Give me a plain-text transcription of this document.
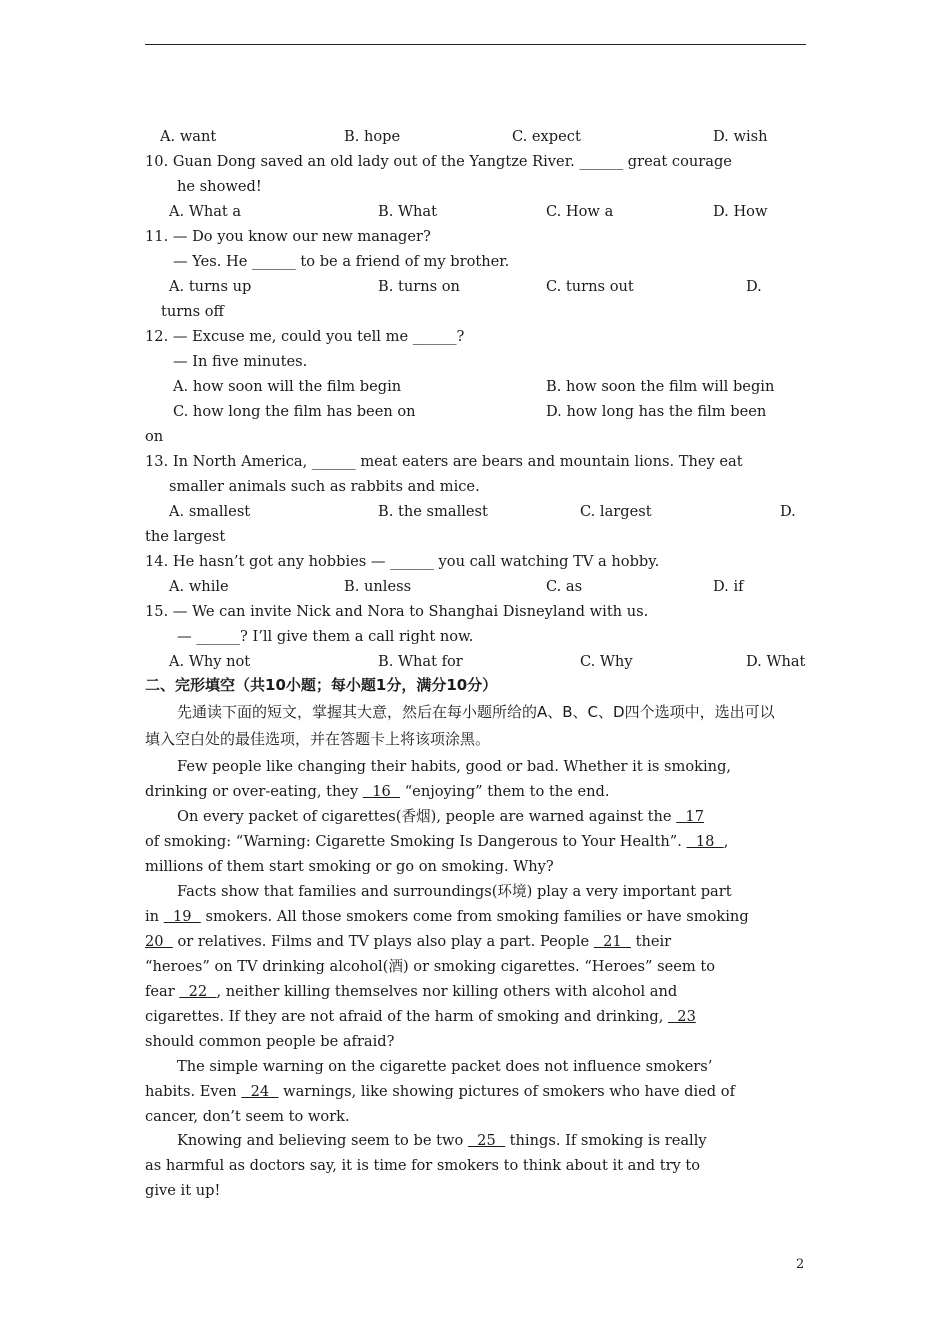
A. want

	B. hope

	C. expect

	D. wish

10. Guan Dong saved an old lady out of the Yangtze River. ______ great courage
he showed!

A. What a

	B. What

	C. How a

	D. How

11. — Do you know our new manager?
— Yes. He ______ to be a friend of my brother.

A. turns up

	B. turns on

	C. turns out

	D.

turns off
12. — Excuse me, could you tell me ______?
— In five minutes.

A. how soon will the film begin

	B. how soon the film will begin

C. how long the film has been on

	D. how long has the film been

on
13. In North America, ______ meat eaters are bears and mountain lions. They eat
smaller animals such as rabbits and mice.

A. smallest

	B. the smallest

	C. largest

	D.

the largest
14. He hasn’t got any hobbies — ______ you call watching TV a hobby.

A. while

	B. unless

	C. as

	D. if

15. — We can invite Nick and Nora to Shanghai Disneyland with us.
— ______? I’ll give them a call right now.

A. Why not

	B. What for

	C. Why

	D. What

二、完形填空（共10小题；每小题1分，满分10分）
先通读下面的短文，掌握其大意，然后在每小题所给的A、B、C、D四个选项中，选出可以
填入空白处的最佳选项，并在答题卡上将该项涂黑。
Few people like changing their habits, good or bad. Whether it is smoking,
drinking or over-eating, they   16   “enjoying” them to the end.
On every packet of cigarettes(香烟), people are warned against the   17
of smoking: “Warning: Cigarette Smoking Is Dangerous to Your Health”.   18  ,
millions of them start smoking or go on smoking. Why?
Facts show that families and surroundings(环境) play a very important part
in   19   smokers. All those smokers come from smoking families or have smoking
20   or relatives. Films and TV plays also play a part. People   21   their
“heroes” on TV drinking alcohol(酒) or smoking cigarettes. “Heroes” seem to
fear   22  , neither killing themselves nor killing others with alcohol and
cigarettes. If they are not afraid of the harm of smoking and drinking,   23
should common people be afraid?
The simple warning on the cigarette packet does not influence smokers’
habits. Even   24   warnings, like showing pictures of smokers who have died of
cancer, don’t seem to work.
Knowing and believing seem to be two   25   things. If smoking is really
as harmful as doctors say, it is time for smokers to think about it and try to
give it up!
2
